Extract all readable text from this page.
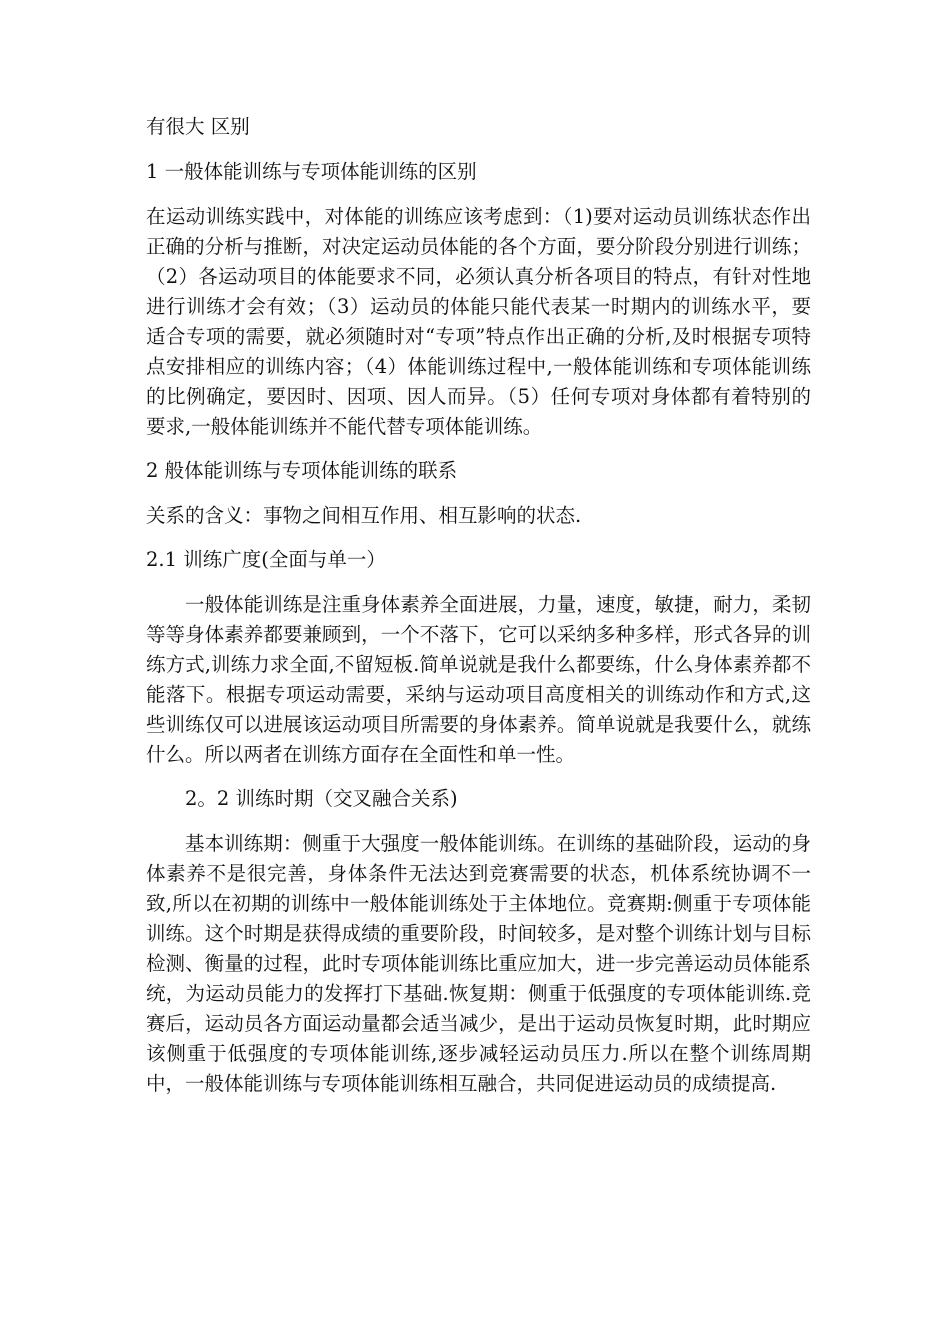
有很大 区别
1 一般体能训练与专项体能训练的区别
在运动训练实践中，对体能的训练应该考虑到：（1)要对运动员训练状态作出正确的分析与推断，对决定运动员体能的各个方面，要分阶段分别进行训练；（2）各运动项目的体能要求不同，必须认真分析各项目的特点，有针对性地进行训练才会有效；（3）运动员的体能只能代表某一时期内的训练水平，要适合专项的需要，就必须随时对“专项”特点作出正确的分析,及时根据专项特点安排相应的训练内容；（4）体能训练过程中,一般体能训练和专项体能训练的比例确定，要因时、因项、因人而异。（5）任何专项对身体都有着特别的要求,一般体能训练并不能代替专项体能训练。
2 般体能训练与专项体能训练的联系
关系的含义：事物之间相互作用、相互影响的状态.
2.1 训练广度(全面与单一）
一般体能训练是注重身体素养全面进展，力量，速度，敏捷，耐力，柔韧等等身体素养都要兼顾到，一个不落下，它可以采纳多种多样，形式各异的训练方式,训练力求全面,不留短板.简单说就是我什么都要练，什么身体素养都不能落下。根据专项运动需要，采纳与运动项目高度相关的训练动作和方式,这些训练仅可以进展该运动项目所需要的身体素养。简单说就是我要什么，就练什么。所以两者在训练方面存在全面性和单一性。
2。2 训练时期（交叉融合关系)
基本训练期：侧重于大强度一般体能训练。在训练的基础阶段，运动的身体素养不是很完善，身体条件无法达到竞赛需要的状态，机体系统协调不一致,所以在初期的训练中一般体能训练处于主体地位。竞赛期:侧重于专项体能训练。这个时期是获得成绩的重要阶段，时间较多，是对整个训练计划与目标检测、衡量的过程，此时专项体能训练比重应加大，进一步完善运动员体能系统，为运动员能力的发挥打下基础.恢复期：侧重于低强度的专项体能训练.竞赛后，运动员各方面运动量都会适当减少，是出于运动员恢复时期，此时期应该侧重于低强度的专项体能训练,逐步减轻运动员压力.所以在整个训练周期中，一般体能训练与专项体能训练相互融合，共同促进运动员的成绩提高.
